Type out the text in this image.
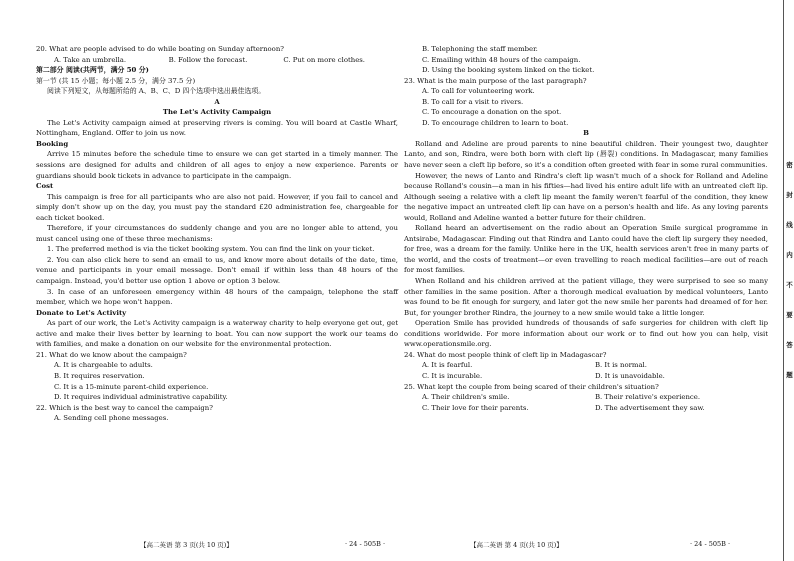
20. What are people advised to do while boating on Sunday afternoon?

A. Take an umbrella.	B. Follow the forecast.	C. Put on more clothes.

第二部分 阅读(共两节，满分 50 分)

第一节 (共 15 小题；每小题 2.5 分，满分 37.5 分)

阅读下列短文，从每题所给的 A、B、C、D 四个选项中选出最佳选项。

A

The Let's Activity Campaign

The Let's Activity campaign aimed at preserving rivers is coming. You will board at Castle Wharf, Nottingham, England. Offer to join us now.

Booking

Arrive 15 minutes before the schedule time to ensure we can get started in a timely manner. The sessions are designed for adults and children of all ages to enjoy a new experience. Parents or guardians should book tickets in advance to participate in the campaign.

Cost

This campaign is free for all participants who are also not paid. However, if you fail to cancel and simply don't show up on the day, you must pay the standard £20 administration fee, chargeable for each ticket booked.

Therefore, if your circumstances do suddenly change and you are no longer able to attend, you must cancel using one of these three mechanisms:

1. The preferred method is via the ticket booking system. You can find the link on your ticket.

2. You can also click here to send an email to us, and know more about details of the date, time, venue and participants in your email message. Don't email if within less than 48 hours of the campaign. Instead, you'd better use option 1 above or option 3 below.

3. In case of an unforeseen emergency within 48 hours of the campaign, telephone the staff member, which we hope won't happen.

Donate to Let's Activity

As part of our work, the Let's Activity campaign is a waterway charity to help everyone get out, get active and make their lives better by learning to boat. You can now support the work our teams do with families, and make a donation on our website for the environmental protection.

21. What do we know about the campaign?

A. It is chargeable to adults.

B. It requires reservation.

C. It is a 15-minute parent-child experience.

D. It requires individual administrative capability.

22. Which is the best way to cancel the campaign?

A. Sending cell phone messages.

B. Telephoning the staff member.

C. Emailing within 48 hours of the campaign.

D. Using the booking system linked on the ticket.

23. What is the main purpose of the last paragraph?

A. To call for volunteering work.

B. To call for a visit to rivers.

C. To encourage a donation on the spot.

D. To encourage children to learn to boat.

B

Rolland and Adeline are proud parents to nine beautiful children. Their youngest two, daughter Lanto, and son, Rindra, were both born with cleft lip (唇裂) conditions. In Madagascar, many families have never seen a cleft lip before, so it's a condition often greeted with fear in some rural communities.

However, the news of Lanto and Rindra's cleft lip wasn't much of a shock for Rolland and Adeline because Rolland's cousin—a man in his fifties—had lived his entire adult life with an untreated cleft lip. Although seeing a relative with a cleft lip meant the family weren't fearful of the condition, they knew the negative impact an untreated cleft lip can have on a person's health and life. As any loving parents would, Rolland and Adeline wanted a better future for their children.

Rolland heard an advertisement on the radio about an Operation Smile surgical programme in Antsirabe, Madagascar. Finding out that Rindra and Lanto could have the cleft lip surgery they needed, for free, was a dream for the family. Unlike here in the UK, health services aren't free in many parts of the world, and the costs of treatment—or even travelling to reach medical facilities—are out of reach for most families.

When Rolland and his children arrived at the patient village, they were surprised to see so many other families in the same position. After a thorough medical evaluation by medical volunteers, Lanto was found to be fit enough for surgery, and later got the new smile her parents had dreamed of for her. But, for younger brother Rindra, the journey to a new smile would take a little longer.

Operation Smile has provided hundreds of thousands of safe surgeries for children with cleft lip conditions worldwide. For more information about our work or to find out how you can help, visit www.operationsmile.org.

24. What do most people think of cleft lip in Madagascar?

A. It is fearful.	B. It is normal.
C. It is incurable.	D. It is unavoidable.

25. What kept the couple from being scared of their children's situation?

A. Their children's smile.	B. Their relative's experience.
C. Their love for their parents.	D. The advertisement they saw.
【高二英语 第 3 页(共 10 页)】	· 24 - 505B ·	【高二英语 第 4 页(共 10 页)】	· 24 - 505B ·
密
封
线
内
不
要
答
题
